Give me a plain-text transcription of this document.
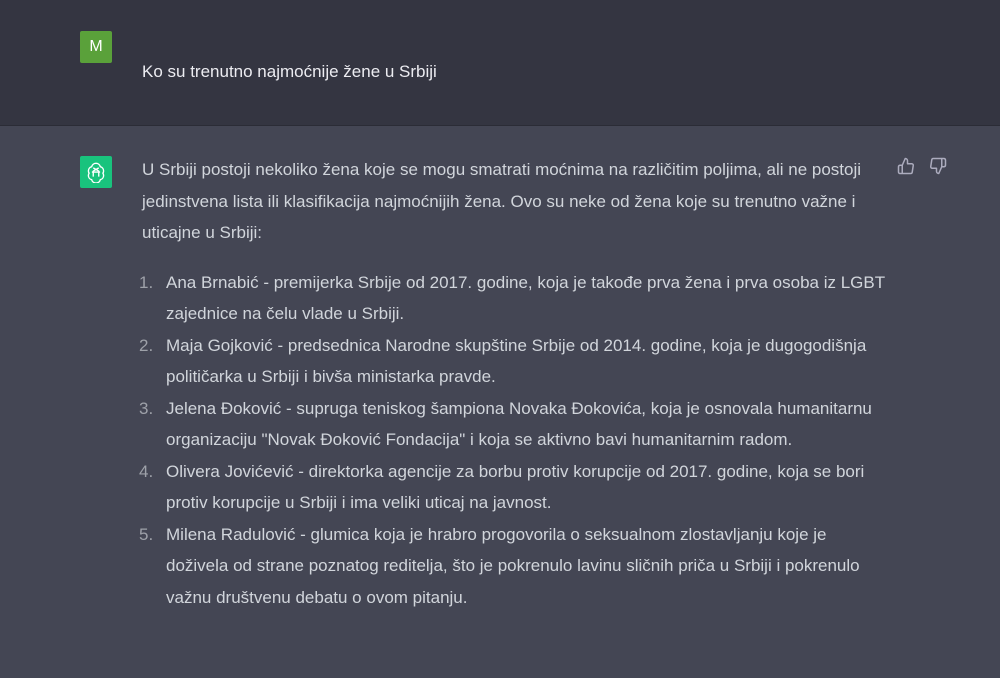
M
Ko su trenutno najmoćnije žene u Srbiji

U Srbiji postoji nekoliko žena koje se mogu smatrati moćnima na različitim poljima, ali ne postoji jedinstvena lista ili klasifikacija najmoćnijih žena. Ovo su neke od žena koje su trenutno važne i uticajne u Srbiji:

1. Ana Brnabić - premijerka Srbije od 2017. godine, koja je takođe prva žena i prva osoba iz LGBT zajednice na čelu vlade u Srbiji.
2. Maja Gojković - predsednica Narodne skupštine Srbije od 2014. godine, koja je dugogodišnja političarka u Srbiji i bivša ministarka pravde.
3. Jelena Đoković - supruga teniskog šampiona Novaka Đokovića, koja je osnovala humanitarnu organizaciju "Novak Đoković Fondacija" i koja se aktivno bavi humanitarnim radom.
4. Olivera Jovićević - direktorka agencije za borbu protiv korupcije od 2017. godine, koja se bori protiv korupcije u Srbiji i ima veliki uticaj na javnost.
5. Milena Radulović - glumica koja je hrabro progovorila o seksualnom zlostavljanju koje je doživela od strane poznatog reditelja, što je pokrenulo lavinu sličnih priča u Srbiji i pokrenulo važnu društvenu debatu o ovom pitanju.
